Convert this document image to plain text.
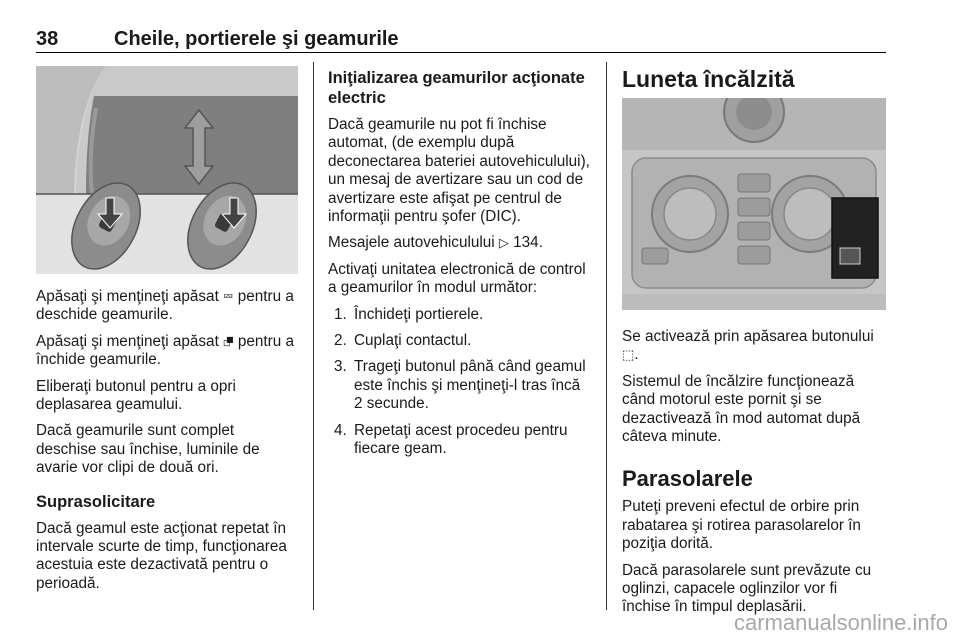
38	Cheile, portierele şi geamurile

Apăsaţi şi menţineţi apăsat ⮹ pentru a deschide geamurile.

Apăsaţi şi menţineţi apăsat ⮻ pentru a închide geamurile.

Eliberaţi butonul pentru a opri deplasarea geamului.

Dacă geamurile sunt complet deschise sau închise, luminile de avarie vor clipi de două ori.

Suprasolicitare

Dacă geamul este acţionat repetat în intervale scurte de timp, funcţionarea acestuia este dezactivată pentru o perioadă.

Iniţializarea geamurilor acţionate electric

Dacă geamurile nu pot fi închise automat, (de exemplu după deconectarea bateriei autovehiculului), un mesaj de avertizare sau un cod de avertizare este afişat pe centrul de informaţii pentru şofer (DIC).

Mesajele autovehiculului ▷ 134.

Activaţi unitatea electronică de control a geamurilor în modul următor:

1. Închideţi portierele.
2. Cuplaţi contactul.
3. Trageţi butonul până când geamul este închis şi menţineţi-l tras încă 2 secunde.
4. Repetaţi acest procedeu pentru fiecare geam.
Luneta încălzită

Se activează prin apăsarea butonului ⬚.

Sistemul de încălzire funcţionează când motorul este pornit şi se dezactivează în mod automat după câteva minute.

Parasolarele

Puteţi preveni efectul de orbire prin rabatarea şi rotirea parasolarelor în poziţia dorită.

Dacă parasolarele sunt prevăzute cu oglinzi, capacele oglinzilor vor fi închise în timpul deplasării.

carmanualsonline.info
